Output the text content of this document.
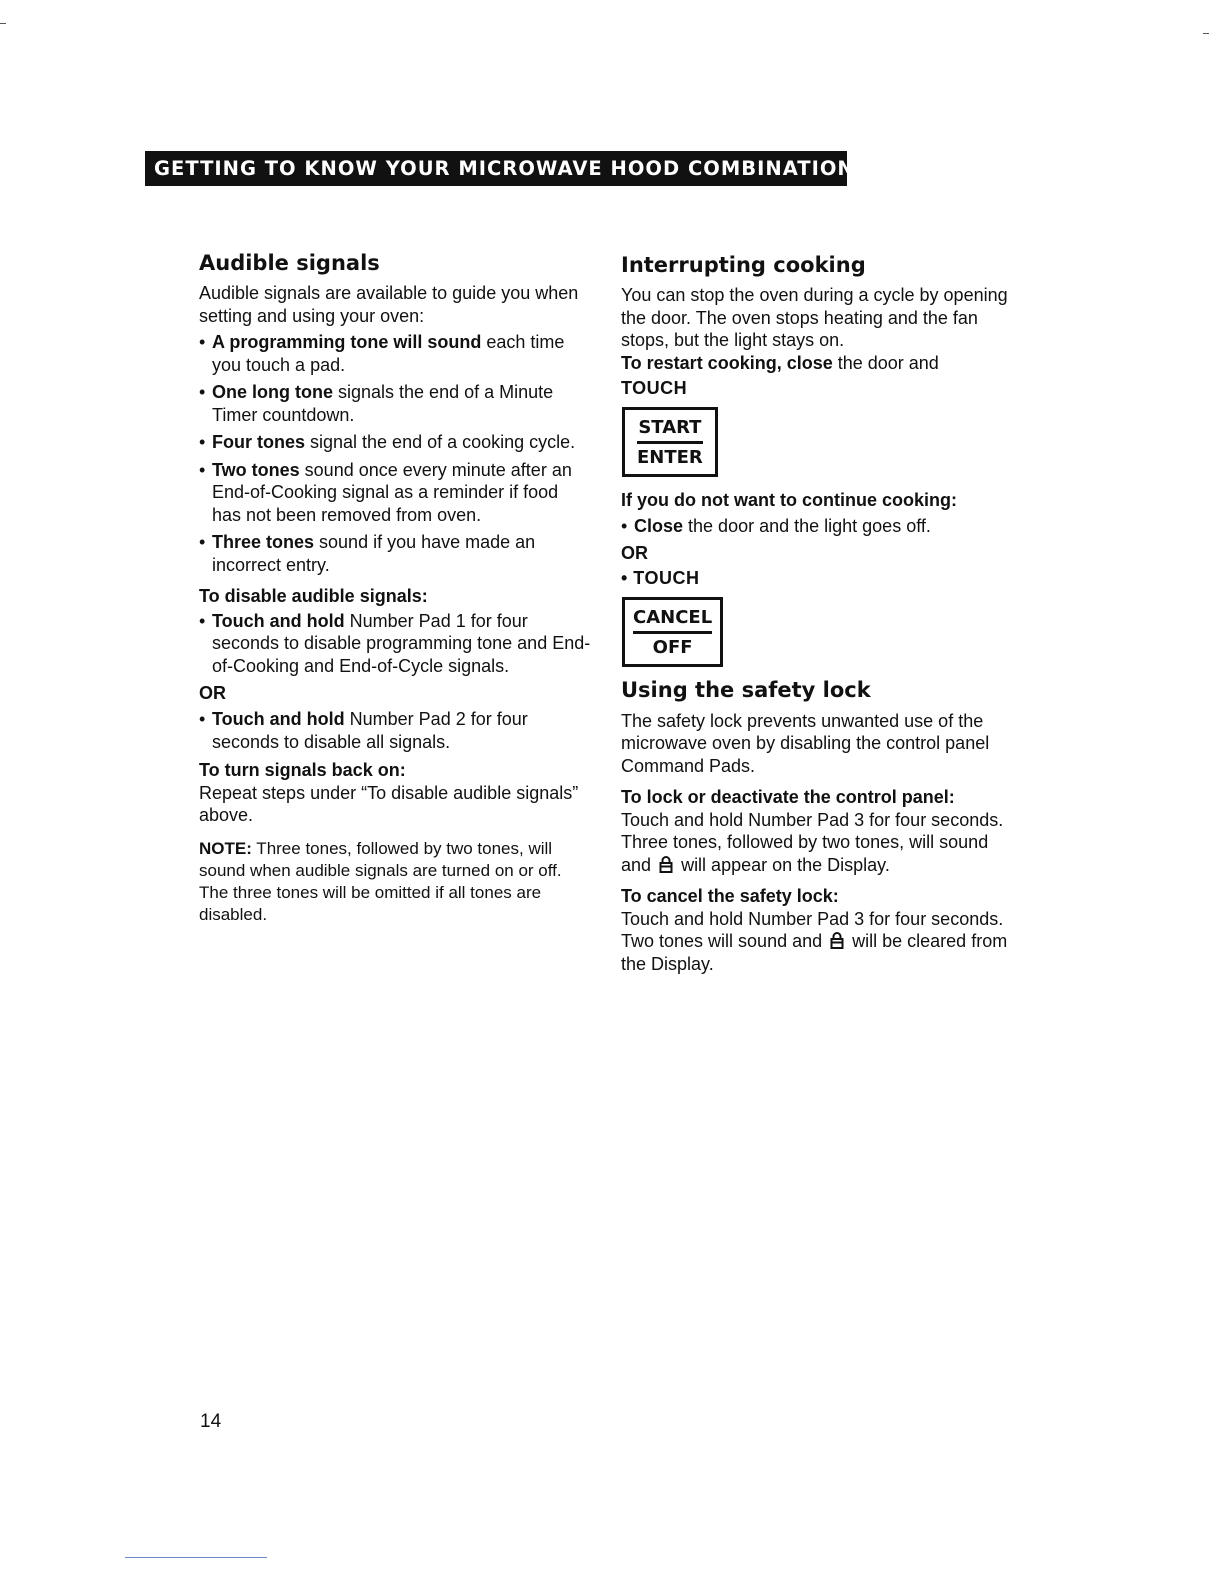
GETTING TO KNOW YOUR MICROWAVE HOOD COMBINATION
Audible signals

Audible signals are available to guide you when setting and using your oven:

• A programming tone will sound each time you touch a pad.
• One long tone signals the end of a Minute Timer countdown.
• Four tones signal the end of a cooking cycle.
• Two tones sound once every minute after an End-of-Cooking signal as a reminder if food has not been removed from oven.
• Three tones sound if you have made an incorrect entry.
To disable audible signals:
• Touch and hold Number Pad 1 for four seconds to disable programming tone and End-of-Cooking and End-of-Cycle signals.
OR
• Touch and hold Number Pad 2 for four seconds to disable all signals.
To turn signals back on:

Repeat steps under “To disable audible signals” above.

NOTE: Three tones, followed by two tones, will sound when audible signals are turned on or off. The three tones will be omitted if all tones are disabled.

Interrupting cooking

You can stop the oven during a cycle by opening the door. The oven stops heating and the fan stops, but the light stays on.

To restart cooking, close the door and

TOUCH
START
ENTER
If you do not want to continue cooking:
• Close the door and the light goes off.
OR
• TOUCH
CANCEL
OFF
Using the safety lock

The safety lock prevents unwanted use of the microwave oven by disabling the control panel Command Pads.

To lock or deactivate the control panel:

Touch and hold Number Pad 3 for four seconds. Three tones, followed by two tones, will sound and  will appear on the Display.

To cancel the safety lock:

Touch and hold Number Pad 3 for four seconds. Two tones will sound and  will be cleared from the Display.

14
